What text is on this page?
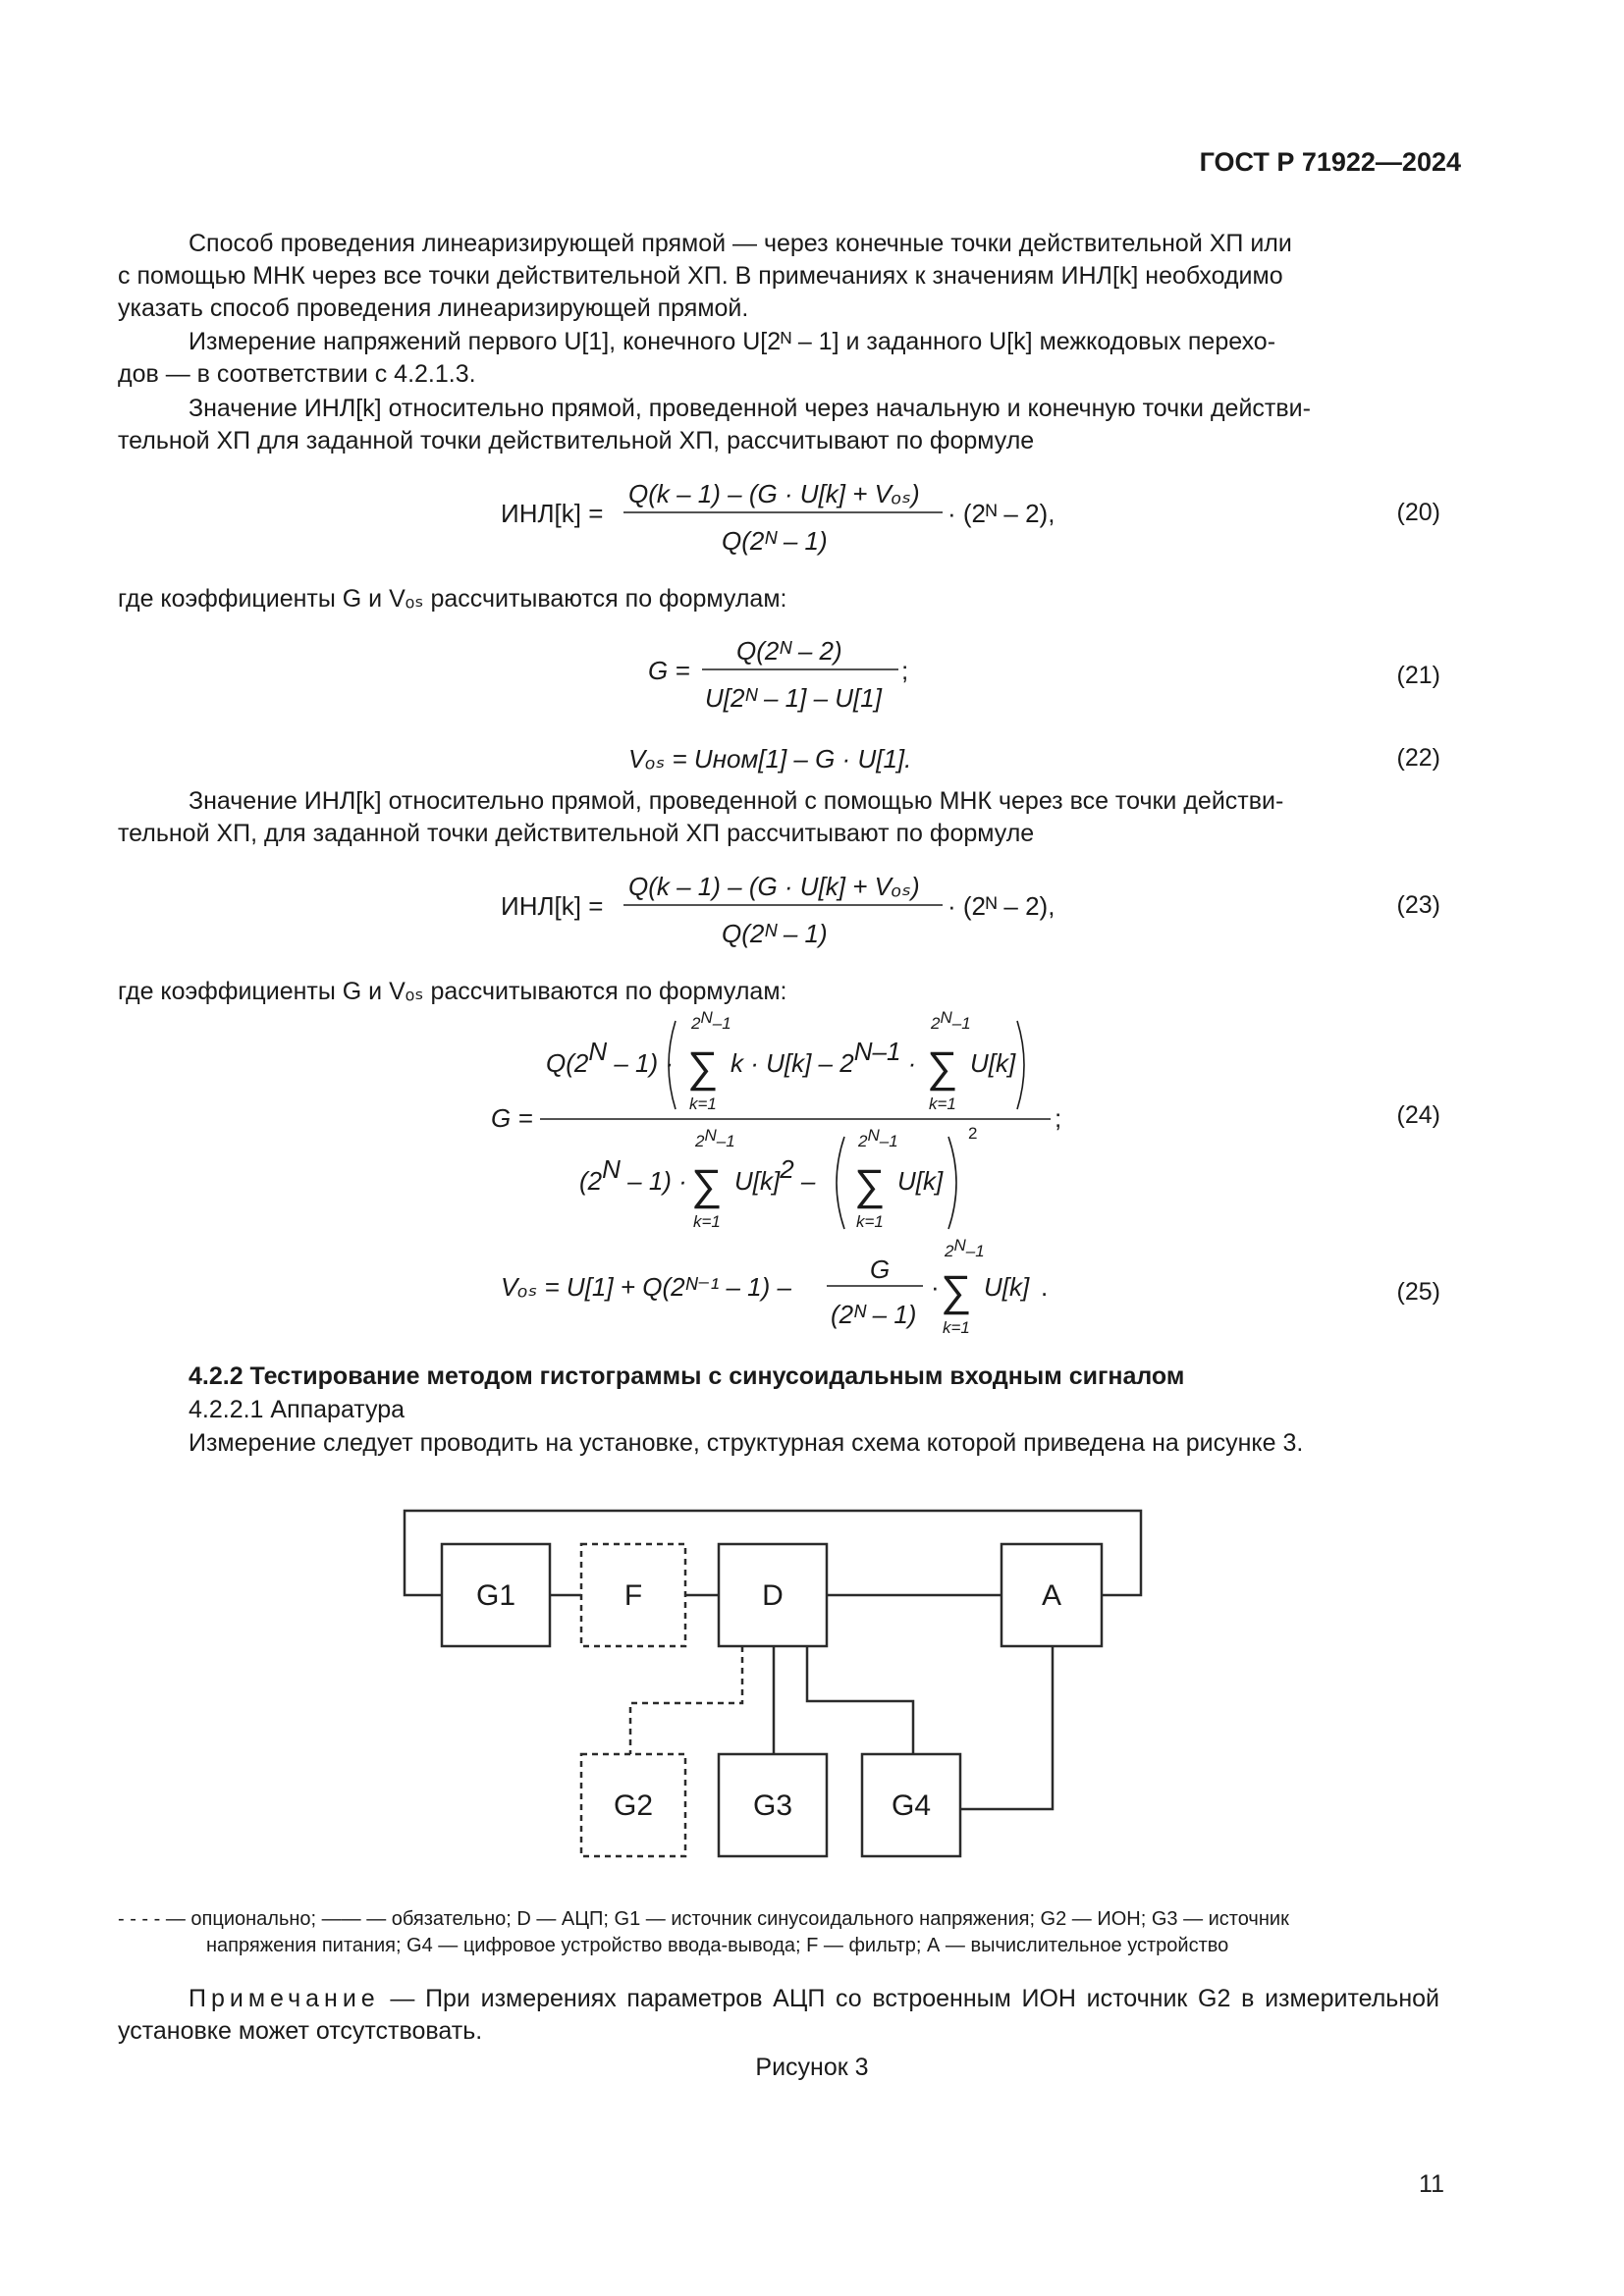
ГОСТ Р 71922—2024
Способ проведения линеаризирующей прямой — через конечные точки действительной ХП или
с помощью МНК через все точки действительной ХП. В примечаниях к значениям ИНЛ[k] необходимо
указать способ проведения линеаризирующей прямой.
Измерение напряжений первого U[1], конечного U[2ᴺ – 1] и заданного U[k] межкодовых перехо-
дов — в соответствии с 4.2.1.3.
Значение ИНЛ[k] относительно прямой, проведенной через начальную и конечную точки действи-
тельной ХП для заданной точки действительной ХП, рассчитывают по формуле
ИНЛ[k] =
Q(k – 1) – (G · U[k] + Vₒₛ)
Q(2ᴺ – 1)
· (2ᴺ – 2),	(20)
где коэффициенты G и Vₒₛ рассчитываются по формулам:
G =
Q(2ᴺ – 2)
U[2ᴺ – 1] – U[1]
;	(21)
Vₒₛ = Uном[1] – G · U[1].	(22)
Значение ИНЛ[k] относительно прямой, проведенной с помощью МНК через все точки действи-
тельной ХП, для заданной точки действительной ХП рассчитывают по формуле
ИНЛ[k] =
Q(k – 1) – (G · U[k] + Vₒₛ)
Q(2ᴺ – 1)
· (2ᴺ – 2),	(23)
где коэффициенты G и Vₒₛ рассчитываются по формулам:
G =
Q(2N – 1) ·
2N–1
∑
k=1
k · U[k] – 2N–1 ·
2N–1
∑
k=1
U[k]
;
(2N – 1) ·
2N–1
∑
k=1
U[k]2 –
2N–1
∑
k=1
U[k]
2
(24)
Vₒₛ = U[1] + Q(2ᴺ⁻¹ – 1) –
G
(2ᴺ – 1)
·
2N–1
∑
k=1
U[k] .	(25)
4.2.2 Тестирование методом гистограммы с синусоидальным входным сигналом
4.2.2.1 Аппаратура
Измерение следует проводить на установке, структурная схема которой приведена на рисунке 3.
G1	F	D	A
G2	G3	G4
- - - - — опционально; —— — обязательно; D — АЦП; G1 — источник синусоидального напряжения; G2 — ИОН; G3 — источник
напряжения питания; G4 — цифровое устройство ввода-вывода; F — фильтр; А — вычислительное устройство
Примечание — При измерениях параметров АЦП со встроенным ИОН источник G2 в измерительной установке может отсутствовать.
Рисунок 3
11
